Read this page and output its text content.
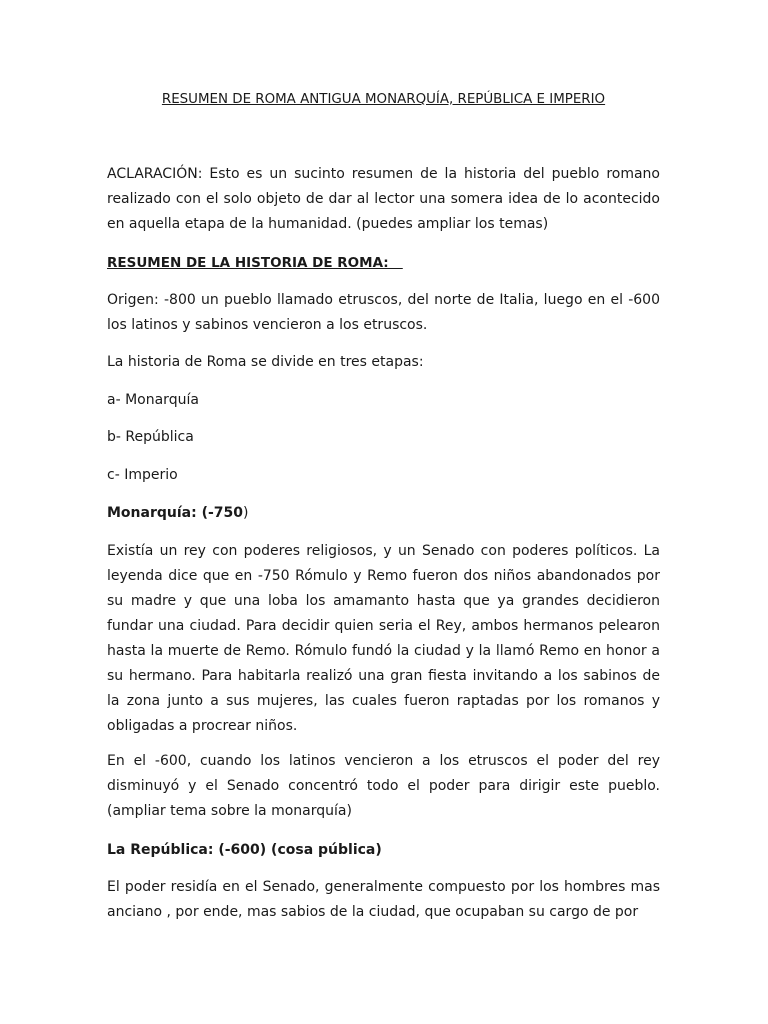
RESUMEN DE ROMA ANTIGUA MONARQUÍA, REPÚBLICA E IMPERIO

ACLARACIÓN: Esto es un sucinto resumen de la historia del pueblo romano realizado con el solo objeto de dar al lector una somera idea de lo acontecido en aquella etapa de la humanidad. (puedes ampliar los temas)

RESUMEN DE LA HISTORIA DE ROMA:

Origen: -800 un pueblo llamado etruscos, del norte de Italia, luego en el -600 los latinos y sabinos vencieron a los etruscos.

La historia de Roma se divide en tres etapas:

a- Monarquía

b- República

c- Imperio

Monarquía: (-750)

Existía un rey con poderes religiosos, y un Senado con poderes políticos. La leyenda dice que en -750 Rómulo y Remo fueron dos niños abandonados por su madre y que una loba los amamanto hasta que ya grandes decidieron fundar una ciudad. Para decidir quien seria el Rey, ambos hermanos pelearon hasta la muerte de Remo. Rómulo fundó la ciudad y la llamó Remo en honor a su hermano. Para habitarla realizó una gran fiesta invitando a los sabinos de la zona junto a sus mujeres, las cuales fueron raptadas por los romanos y obligadas a procrear niños.

En el -600, cuando los latinos vencieron a los etruscos el poder del rey disminuyó y el Senado concentró todo el poder para dirigir este pueblo. (ampliar tema sobre la monarquía)

La República: (-600) (cosa pública)

El poder residía en el Senado, generalmente compuesto por los hombres mas anciano , por ende, mas sabios de la ciudad, que ocupaban su cargo de por
